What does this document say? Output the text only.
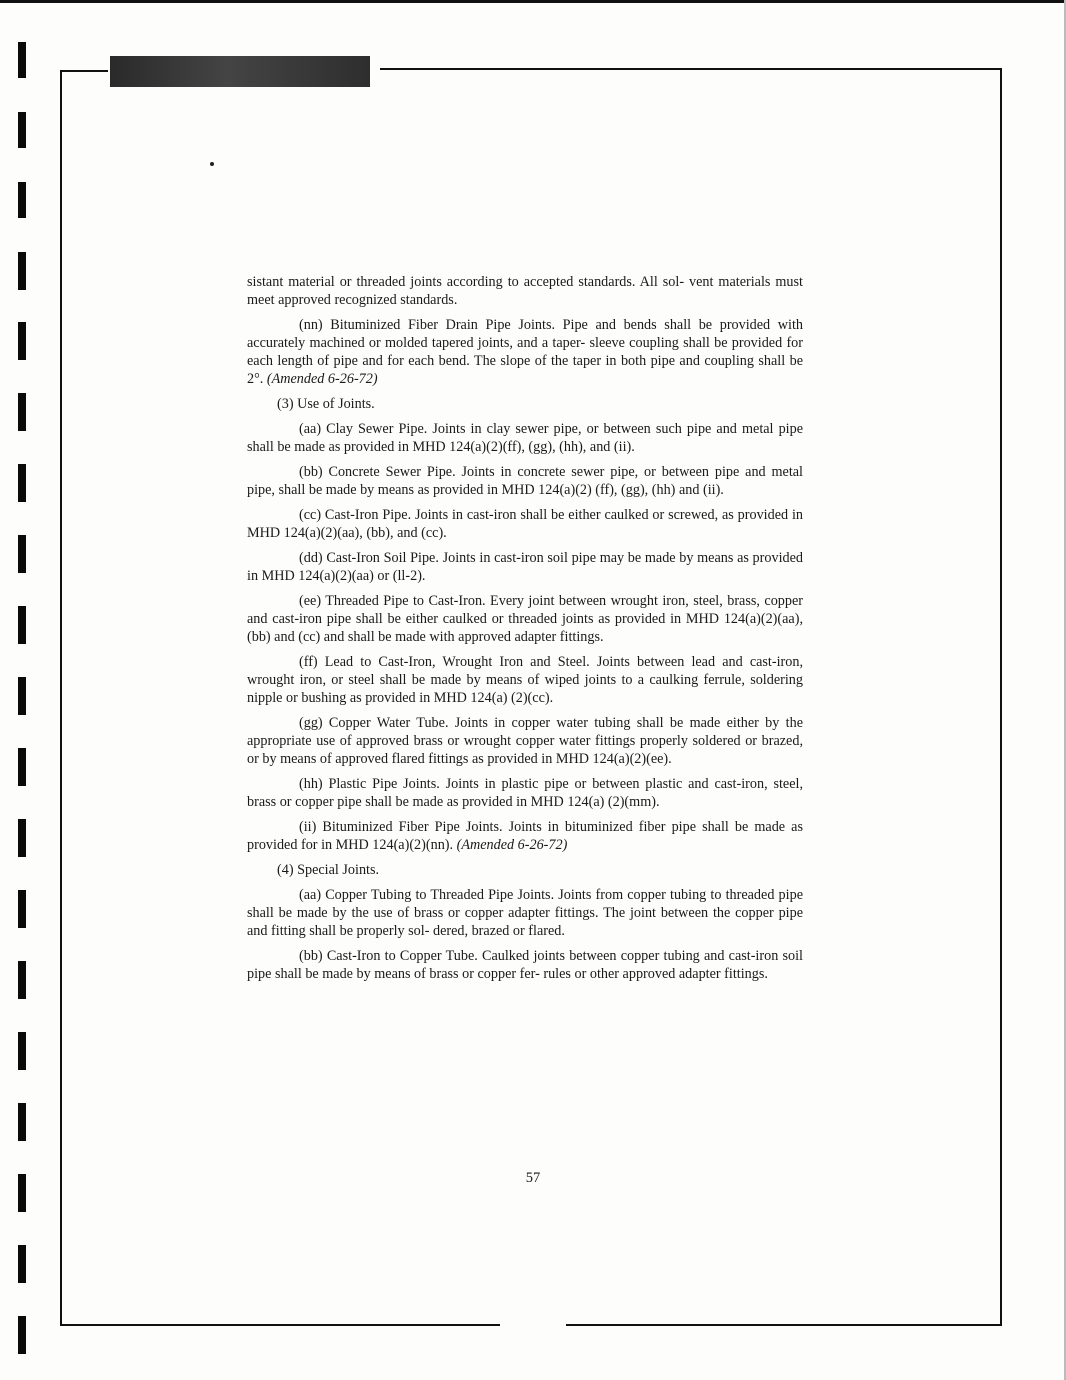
sistant material or threaded joints according to accepted standards. All sol- vent materials must meet approved recognized standards.

(nn) Bituminized Fiber Drain Pipe Joints. Pipe and bends shall be provided with accurately machined or molded tapered joints, and a taper- sleeve coupling shall be provided for each length of pipe and for each bend. The slope of the taper in both pipe and coupling shall be 2°. (Amended 6-26-72)

(3) Use of Joints.

(aa) Clay Sewer Pipe. Joints in clay sewer pipe, or between such pipe and metal pipe shall be made as provided in MHD 124(a)(2)(ff), (gg), (hh), and (ii).

(bb) Concrete Sewer Pipe. Joints in concrete sewer pipe, or between pipe and metal pipe, shall be made by means as provided in MHD 124(a)(2) (ff), (gg), (hh) and (ii).

(cc) Cast-Iron Pipe. Joints in cast-iron shall be either caulked or screwed, as provided in MHD 124(a)(2)(aa), (bb), and (cc).

(dd) Cast-Iron Soil Pipe. Joints in cast-iron soil pipe may be made by means as provided in MHD 124(a)(2)(aa) or (ll-2).

(ee) Threaded Pipe to Cast-Iron. Every joint between wrought iron, steel, brass, copper and cast-iron pipe shall be either caulked or threaded joints as provided in MHD 124(a)(2)(aa), (bb) and (cc) and shall be made with approved adapter fittings.

(ff) Lead to Cast-Iron, Wrought Iron and Steel. Joints between lead and cast-iron, wrought iron, or steel shall be made by means of wiped joints to a caulking ferrule, soldering nipple or bushing as provided in MHD 124(a) (2)(cc).

(gg) Copper Water Tube. Joints in copper water tubing shall be made either by the appropriate use of approved brass or wrought copper water fittings properly soldered or brazed, or by means of approved flared fittings as provided in MHD 124(a)(2)(ee).

(hh) Plastic Pipe Joints. Joints in plastic pipe or between plastic and cast-iron, steel, brass or copper pipe shall be made as provided in MHD 124(a) (2)(mm).

(ii) Bituminized Fiber Pipe Joints. Joints in bituminized fiber pipe shall be made as provided for in MHD 124(a)(2)(nn). (Amended 6-26-72)

(4) Special Joints.

(aa) Copper Tubing to Threaded Pipe Joints. Joints from copper tubing to threaded pipe shall be made by the use of brass or copper adapter fittings. The joint between the copper pipe and fitting shall be properly sol- dered, brazed or flared.

(bb) Cast-Iron to Copper Tube. Caulked joints between copper tubing and cast-iron soil pipe shall be made by means of brass or copper fer- rules or other approved adapter fittings.

57
